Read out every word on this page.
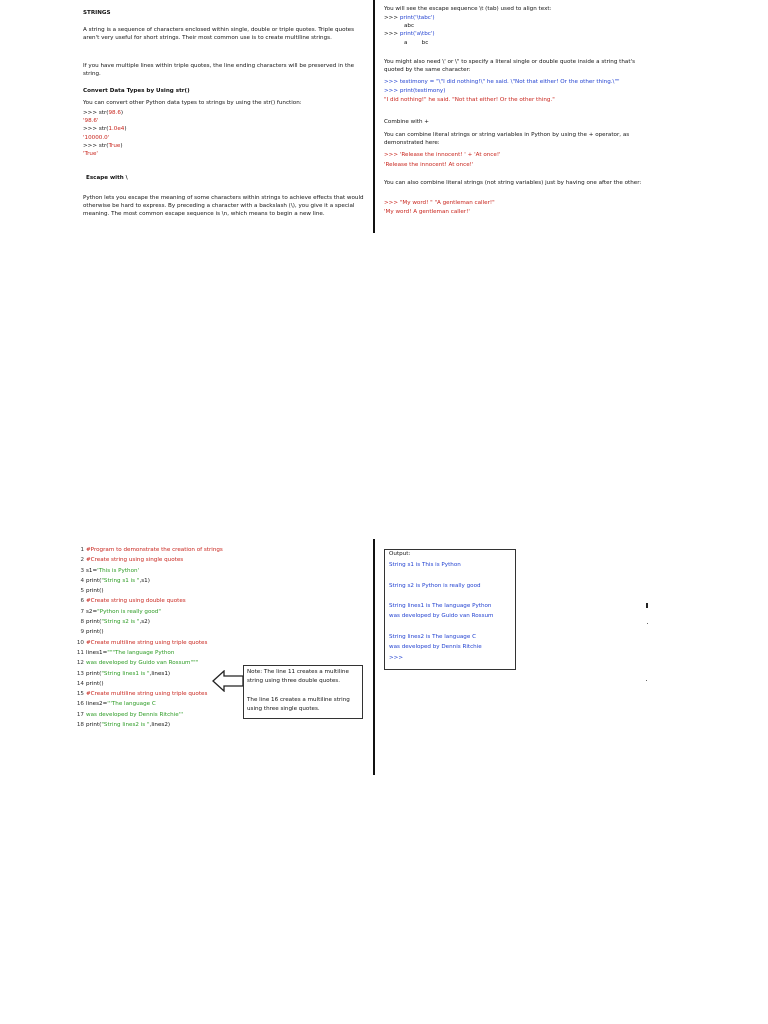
STRINGS
A string is a sequence of characters enclosed within single, double or triple quotes. Triple quotes aren't very useful for short strings. Their most common use is to create multiline strings.
If you have multiple lines within triple quotes, the line ending characters will be preserved in the string.
Convert Data Types by Using str()
You can convert other Python data types to strings by using the str() function:
>>> str(98.6)
'98.6'
>>> str(1.0e4)
'10000.0'
>>> str(True)
'True'
Escape with \
Python lets you escape the meaning of some characters within strings to achieve effects that would otherwise be hard to express. By preceding a character with a backslash (\), you give it a special meaning. The most common escape sequence is \n, which means to begin a new line.
You will see the escape sequence \t (tab) used to align text:
>>> print('\tabc')
abc
>>> print('a\tbc')
a        bc
You might also need \' or \" to specify a literal single or double quote inside a string that's quoted by the same character:
>>> testimony = "\"I did nothing!\" he said. \"Not that either! Or the other thing.\""
>>> print(testimony)
"I did nothing!" he said. "Not that either! Or the other thing."
Combine with +
You can combine literal strings or string variables in Python by using the + operator, as demonstrated here:
>>> 'Release the innocent! ' + 'At once!'
'Release the innocent! At once!'
You can also combine literal strings (not string variables) just by having one after the other:
>>> "My word! " "A gentleman caller!"
'My word! A gentleman caller!'
1 #Program to demonstrate the creation of strings
2 #Create string using single quotes
3 s1='This is Python'
4 print("String s1 is ",s1)
5 print()
6 #Create string using double quotes
7 s2="Python is really good"
8 print("String s2 is ",s2)
9 print()
10 #Create multiline string using triple quotes
11 lines1="""The language Python
12 was developed by Guido van Rossum"""
13 print("String lines1 is ",lines1)
14 print()
15 #Create multiline string using triple quotes
16 lines2='''The language C
17 was developed by Dennis Ritchie'''
18 print("String lines2 is ",lines2)
Note: The line 11 creates a multiline string using three double quotes.
The line 16 creates a multiline string using three single quotes.
Output:
String s1 is This is Python
String s2 is Python is really good
String lines1 is The language Python
was developed by Guido van Rossum
String lines2 is The language C
was developed by Dennis Ritchie
>>>
